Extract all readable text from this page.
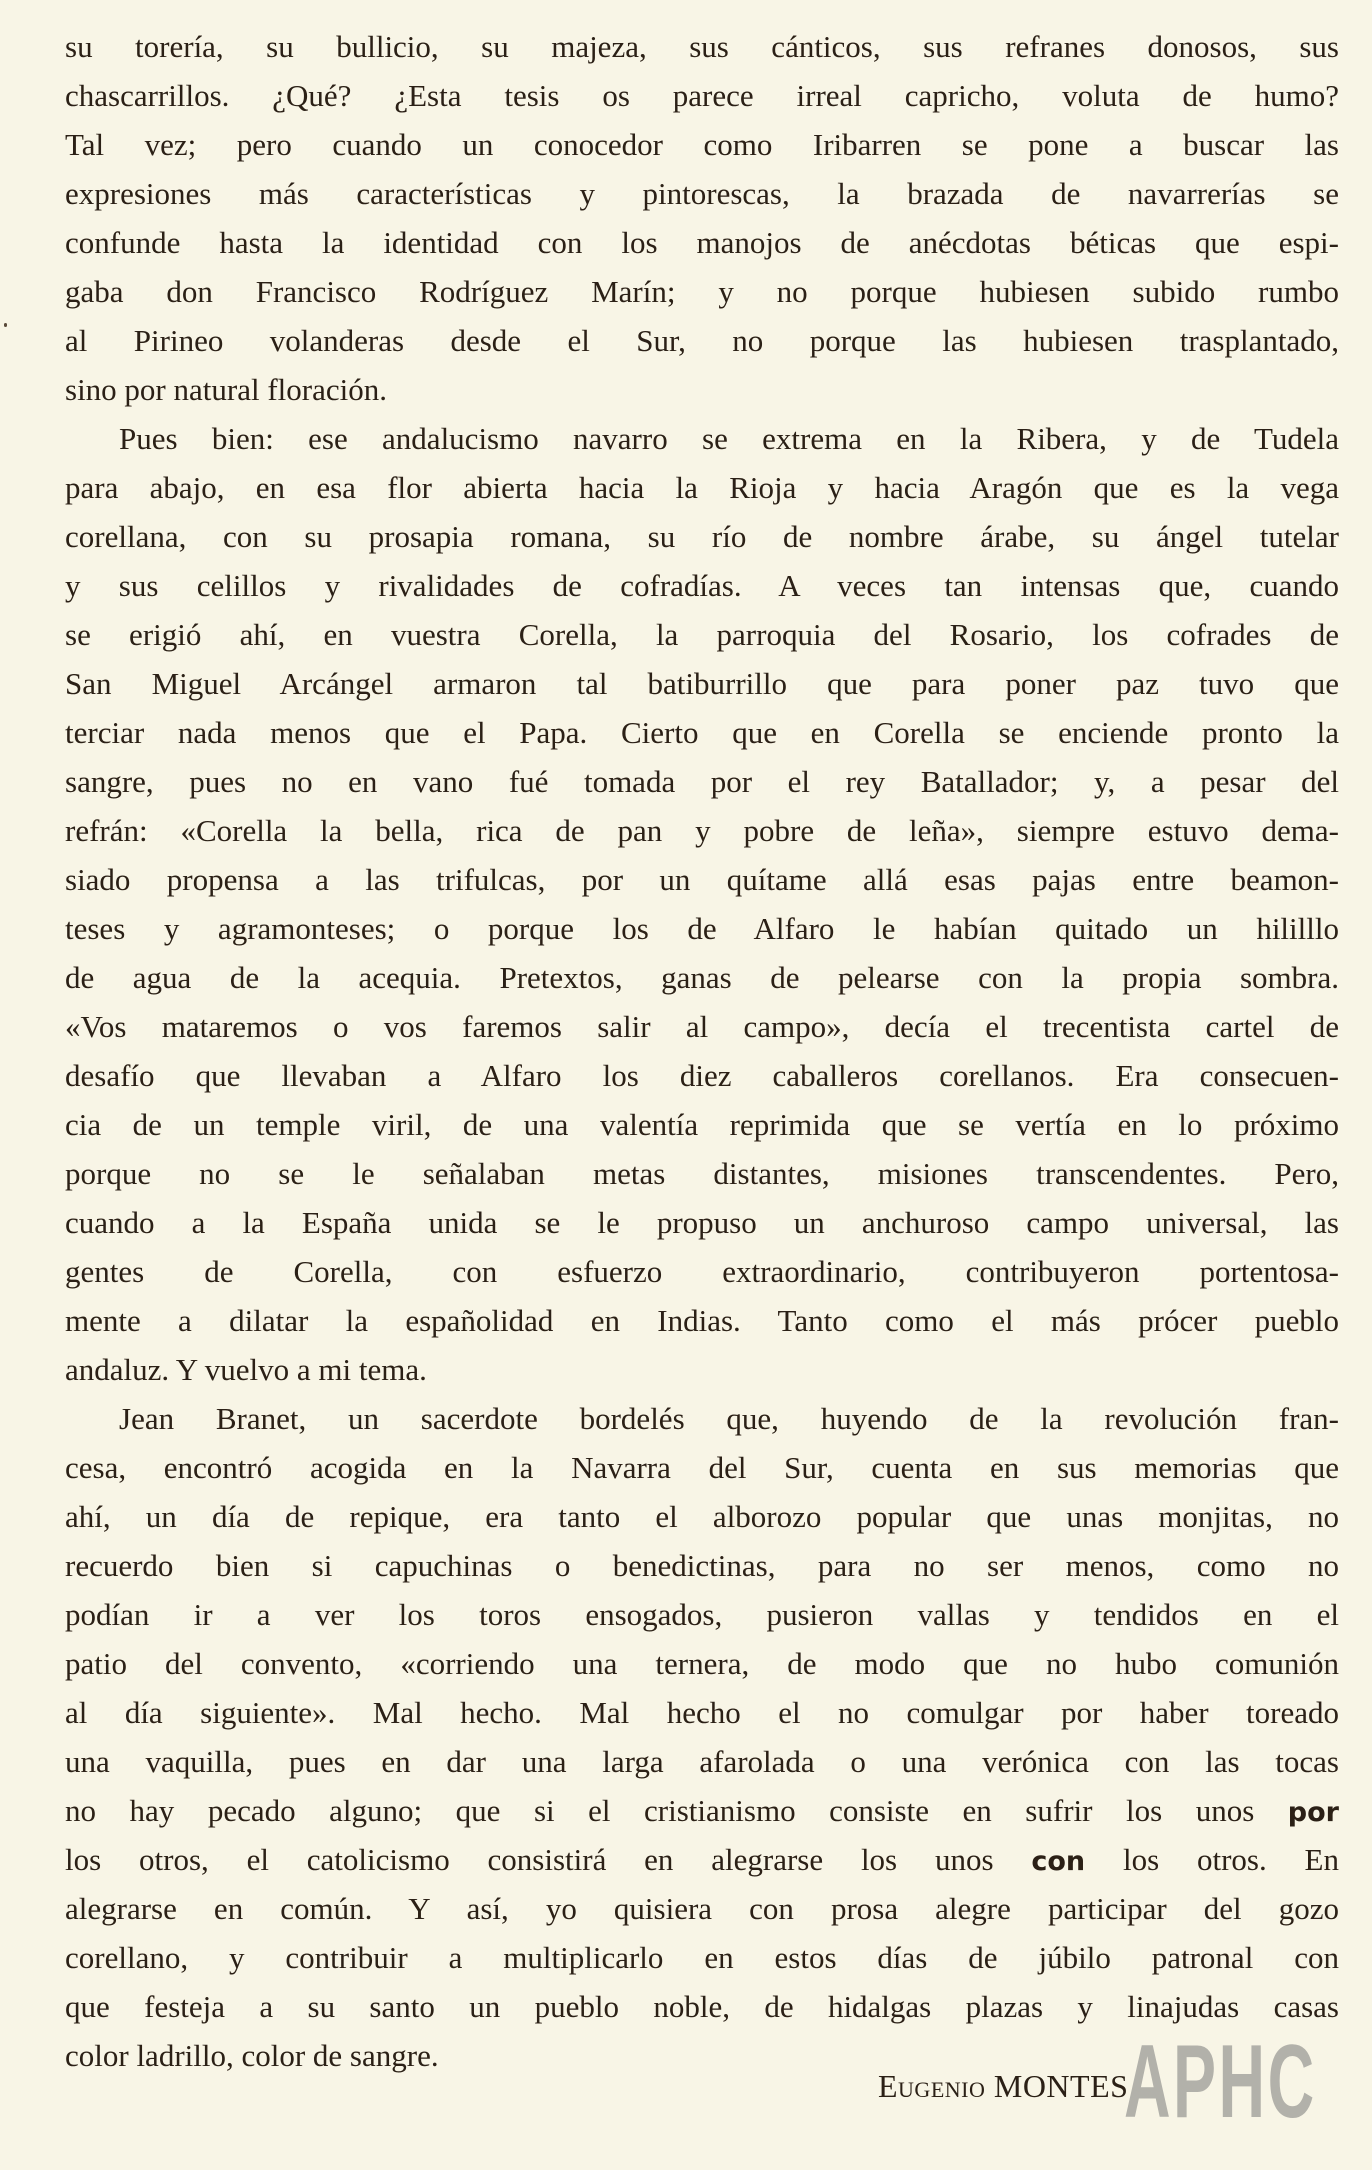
su torería, su bullicio, su majeza, sus cánticos, sus refranes donosos, sus
chascarrillos. ¿Qué? ¿Esta tesis os parece irreal capricho, voluta de humo?
Tal vez; pero cuando un conocedor como Iribarren se pone a buscar las
expresiones más características y pintorescas, la brazada de navarrerías se
confunde hasta la identidad con los manojos de anécdotas béticas que espi-
gaba don Francisco Rodríguez Marín; y no porque hubiesen subido rumbo
al Pirineo volanderas desde el Sur, no porque las hubiesen trasplantado,
sino por natural floración.
Pues bien: ese andalucismo navarro se extrema en la Ribera, y de Tudela
para abajo, en esa flor abierta hacia la Rioja y hacia Aragón que es la vega
corellana, con su prosapia romana, su río de nombre árabe, su ángel tutelar
y sus celillos y rivalidades de cofradías. A veces tan intensas que, cuando
se erigió ahí, en vuestra Corella, la parroquia del Rosario, los cofrades de
San Miguel Arcángel armaron tal batiburrillo que para poner paz tuvo que
terciar nada menos que el Papa. Cierto que en Corella se enciende pronto la
sangre, pues no en vano fué tomada por el rey Batallador; y, a pesar del
refrán: «Corella la bella, rica de pan y pobre de leña», siempre estuvo dema-
siado propensa a las trifulcas, por un quítame allá esas pajas entre beamon-
teses y agramonteses; o porque los de Alfaro le habían quitado un hililllo
de agua de la acequia. Pretextos, ganas de pelearse con la propia sombra.
«Vos mataremos o vos faremos salir al campo», decía el trecentista cartel de
desafío que llevaban a Alfaro los diez caballeros corellanos. Era consecuen-
cia de un temple viril, de una valentía reprimida que se vertía en lo próximo
porque no se le señalaban metas distantes, misiones transcendentes. Pero,
cuando a la España unida se le propuso un anchuroso campo universal, las
gentes de Corella, con esfuerzo extraordinario, contribuyeron portentosa-
mente a dilatar la españolidad en Indias. Tanto como el más prócer pueblo
andaluz. Y vuelvo a mi tema.
Jean Branet, un sacerdote bordelés que, huyendo de la revolución fran-
cesa, encontró acogida en la Navarra del Sur, cuenta en sus memorias que
ahí, un día de repique, era tanto el alborozo popular que unas monjitas, no
recuerdo bien si capuchinas o benedictinas, para no ser menos, como no
podían ir a ver los toros ensogados, pusieron vallas y tendidos en el
patio del convento, «corriendo una ternera, de modo que no hubo comunión
al día siguiente». Mal hecho. Mal hecho el no comulgar por haber toreado
una vaquilla, pues en dar una larga afarolada o una verónica con las tocas
no hay pecado alguno; que si el cristianismo consiste en sufrir los unos por
los otros, el catolicismo consistirá en alegrarse los unos con los otros. En
alegrarse en común. Y así, yo quisiera con prosa alegre participar del gozo
corellano, y contribuir a multiplicarlo en estos días de júbilo patronal con
que festeja a su santo un pueblo noble, de hidalgas plazas y linajudas casas
color ladrillo, color de sangre.
Eugenio MONTES
APHC
